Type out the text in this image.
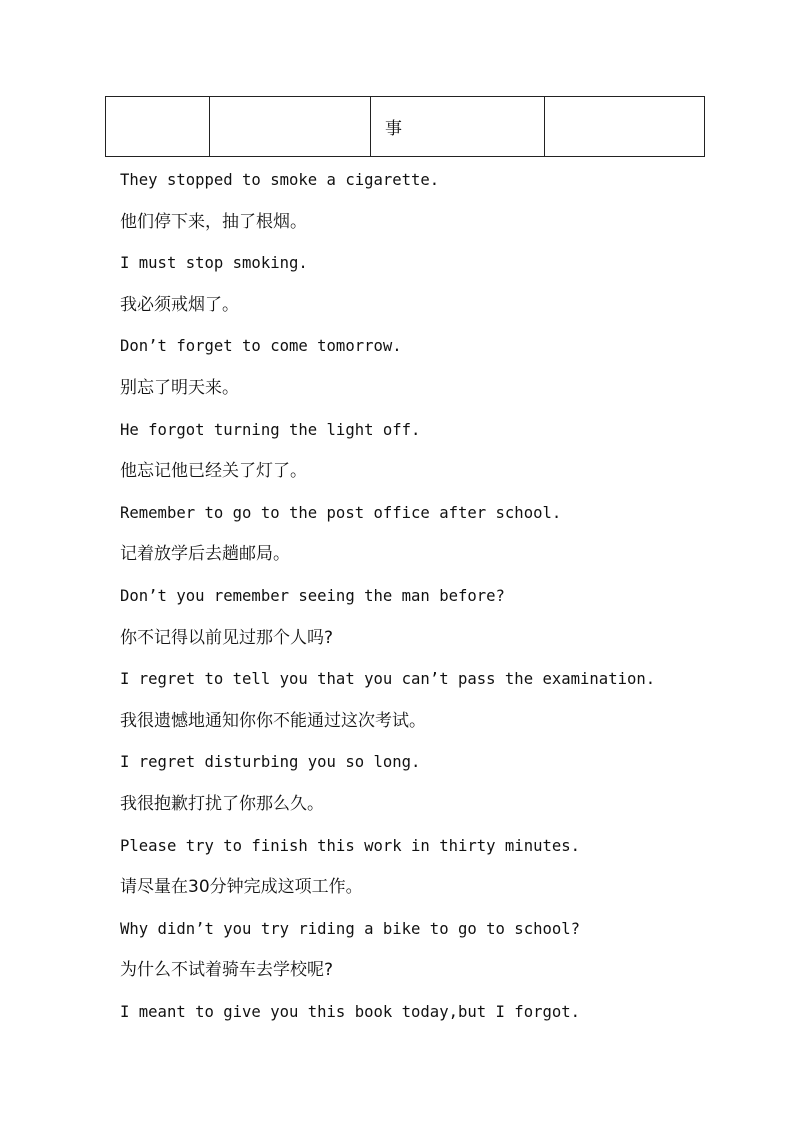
		事	
They stopped to smoke a cigarette.
他们停下来，抽了根烟。
I must stop smoking.
我必须戒烟了。
Don’t forget to come tomorrow.
别忘了明天来。
He forgot turning the light off.
他忘记他已经关了灯了。
Remember to go to the post office after school.
记着放学后去趟邮局。
Don’t you remember seeing the man before?
你不记得以前见过那个人吗?
I regret to tell you that you can’t pass the examination.
我很遗憾地通知你你不能通过这次考试。
I regret disturbing you so long.
我很抱歉打扰了你那么久。
Please try to finish this work in thirty minutes.
请尽量在30分钟完成这项工作。
Why didn’t you try riding a bike to go to school?
为什么不试着骑车去学校呢?
I meant to give you this book today,but I forgot.
